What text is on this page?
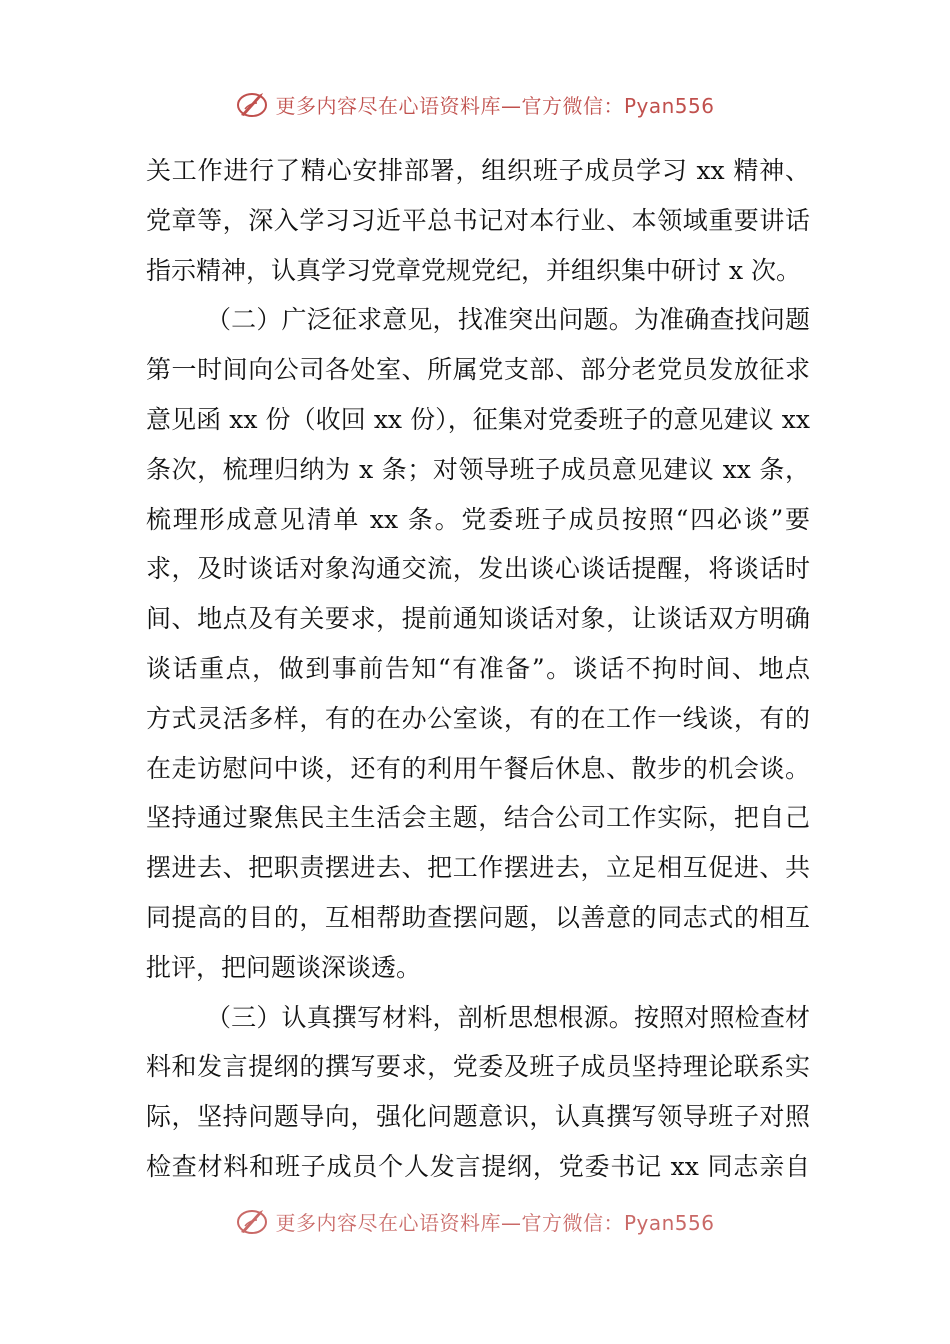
更多内容尽在心语资料库—官方微信：Pyan556
关工作进行了精心安排部署，组织班子成员学习 xx 精神、
党章等，深入学习习近平总书记对本行业、本领域重要讲话
指示精神，认真学习党章党规党纪，并组织集中研讨 x 次。
（二）广泛征求意见，找准突出问题。为准确查找问题
第一时间向公司各处室、所属党支部、部分老党员发放征求
意见函 xx 份（收回 xx 份），征集对党委班子的意见建议 xx
条次，梳理归纳为 x 条；对领导班子成员意见建议 xx 条，
梳理形成意见清单 xx 条。党委班子成员按照“四必谈”要
求，及时谈话对象沟通交流，发出谈心谈话提醒，将谈话时
间、地点及有关要求，提前通知谈话对象，让谈话双方明确
谈话重点，做到事前告知“有准备”。谈话不拘时间、地点
方式灵活多样，有的在办公室谈，有的在工作一线谈，有的
在走访慰问中谈，还有的利用午餐后休息、散步的机会谈。
坚持通过聚焦民主生活会主题，结合公司工作实际，把自己
摆进去、把职责摆进去、把工作摆进去，立足相互促进、共
同提高的目的，互相帮助查摆问题，以善意的同志式的相互
批评，把问题谈深谈透。
（三）认真撰写材料，剖析思想根源。按照对照检查材
料和发言提纲的撰写要求，党委及班子成员坚持理论联系实
际，坚持问题导向，强化问题意识，认真撰写领导班子对照
检查材料和班子成员个人发言提纲，党委书记 xx 同志亲自
更多内容尽在心语资料库—官方微信：Pyan556
